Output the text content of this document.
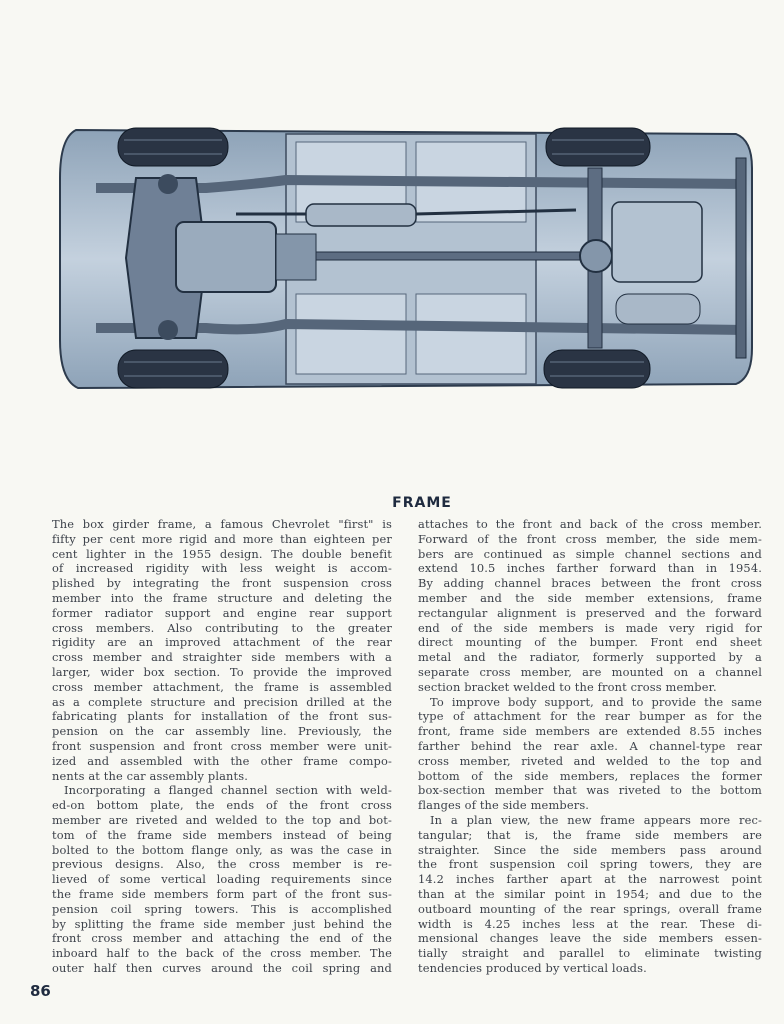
FRAME
The box girder frame, a famous Chevrolet "first" is
fifty per cent more rigid and more than eighteen per
cent lighter in the 1955 design. The double benefit
of increased rigidity with less weight is accom-
plished by integrating the front suspension cross
member into the frame structure and deleting the
former radiator support and engine rear support
cross members. Also contributing to the greater
rigidity are an improved attachment of the rear
cross member and straighter side members with a
larger, wider box section. To provide the improved
cross member attachment, the frame is assembled
as a complete structure and precision drilled at the
fabricating plants for installation of the front sus-
pension on the car assembly line. Previously, the
front suspension and front cross member were unit-
ized and assembled with the other frame compo-
nents at the car assembly plants.
Incorporating a flanged channel section with weld-
ed-on bottom plate, the ends of the front cross
member are riveted and welded to the top and bot-
tom of the frame side members instead of being
bolted to the bottom flange only, as was the case in
previous designs. Also, the cross member is re-
lieved of some vertical loading requirements since
the frame side members form part of the front sus-
pension coil spring towers. This is accomplished
by splitting the frame side member just behind the
front cross member and attaching the end of the
inboard half to the back of the cross member. The
outer half then curves around the coil spring and
attaches to the front and back of the cross member.
Forward of the front cross member, the side mem-
bers are continued as simple channel sections and
extend 10.5 inches farther forward than in 1954.
By adding channel braces between the front cross
member and the side member extensions, frame
rectangular alignment is preserved and the forward
end of the side members is made very rigid for
direct mounting of the bumper. Front end sheet
metal and the radiator, formerly supported by a
separate cross member, are mounted on a channel
section bracket welded to the front cross member.
To improve body support, and to provide the same
type of attachment for the rear bumper as for the
front, frame side members are extended 8.55 inches
farther behind the rear axle. A channel-type rear
cross member, riveted and welded to the top and
bottom of the side members, replaces the former
box-section member that was riveted to the bottom
flanges of the side members.
In a plan view, the new frame appears more rec-
tangular; that is, the frame side members are
straighter. Since the side members pass around
the front suspension coil spring towers, they are
14.2 inches farther apart at the narrowest point
than at the similar point in 1954; and due to the
outboard mounting of the rear springs, overall frame
width is 4.25 inches less at the rear. These di-
mensional changes leave the side members essen-
tially straight and parallel to eliminate twisting
tendencies produced by vertical loads.
86
